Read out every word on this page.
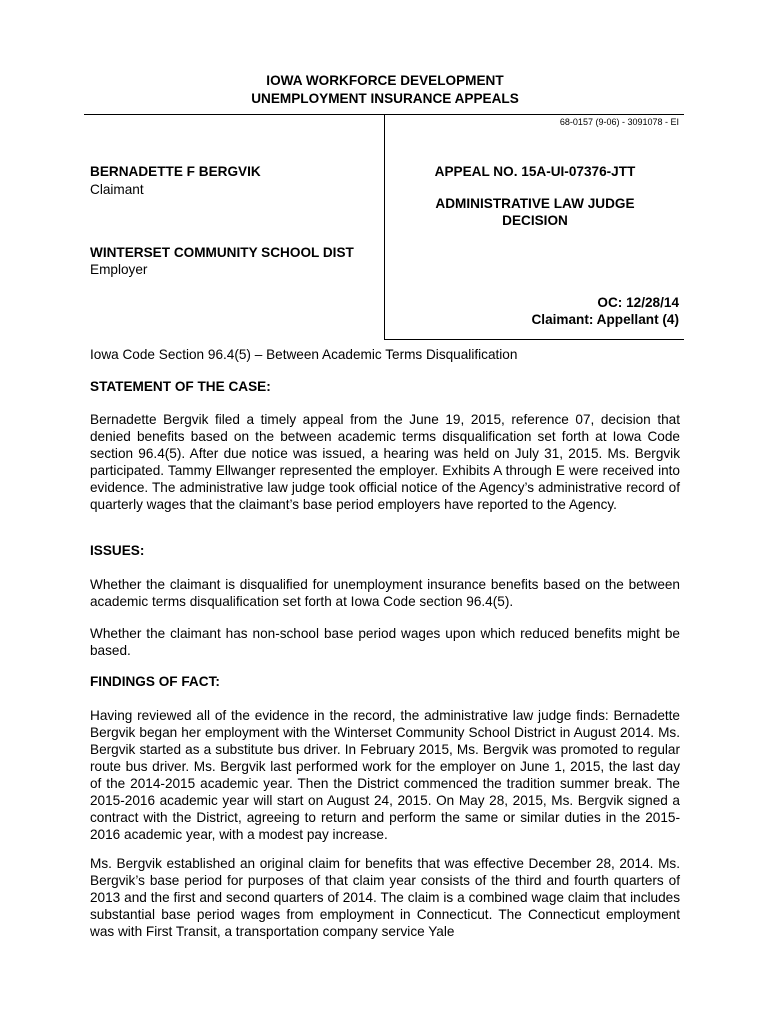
IOWA WORKFORCE DEVELOPMENT
UNEMPLOYMENT INSURANCE APPEALS
68-0157 (9-06) - 3091078 - EI
BERNADETTE F BERGVIK
Claimant
WINTERSET COMMUNITY SCHOOL DIST
Employer
APPEAL NO. 15A-UI-07376-JTT
ADMINISTRATIVE LAW JUDGE
DECISION
OC: 12/28/14
Claimant: Appellant (4)
Iowa Code Section 96.4(5) – Between Academic Terms Disqualification
STATEMENT OF THE CASE:
Bernadette Bergvik filed a timely appeal from the June 19, 2015, reference 07, decision that denied benefits based on the between academic terms disqualification set forth at Iowa Code section 96.4(5). After due notice was issued, a hearing was held on July 31, 2015. Ms. Bergvik participated. Tammy Ellwanger represented the employer. Exhibits A through E were received into evidence. The administrative law judge took official notice of the Agency’s administrative record of quarterly wages that the claimant’s base period employers have reported to the Agency.
ISSUES:
Whether the claimant is disqualified for unemployment insurance benefits based on the between academic terms disqualification set forth at Iowa Code section 96.4(5).
Whether the claimant has non-school base period wages upon which reduced benefits might be based.
FINDINGS OF FACT:
Having reviewed all of the evidence in the record, the administrative law judge finds: Bernadette Bergvik began her employment with the Winterset Community School District in August 2014. Ms. Bergvik started as a substitute bus driver. In February 2015, Ms. Bergvik was promoted to regular route bus driver. Ms. Bergvik last performed work for the employer on June 1, 2015, the last day of the 2014-2015 academic year. Then the District commenced the tradition summer break. The 2015-2016 academic year will start on August 24, 2015. On May 28, 2015, Ms. Bergvik signed a contract with the District, agreeing to return and perform the same or similar duties in the 2015-2016 academic year, with a modest pay increase.
Ms. Bergvik established an original claim for benefits that was effective December 28, 2014. Ms. Bergvik’s base period for purposes of that claim year consists of the third and fourth quarters of 2013 and the first and second quarters of 2014. The claim is a combined wage claim that includes substantial base period wages from employment in Connecticut. The Connecticut employment was with First Transit, a transportation company service Yale
